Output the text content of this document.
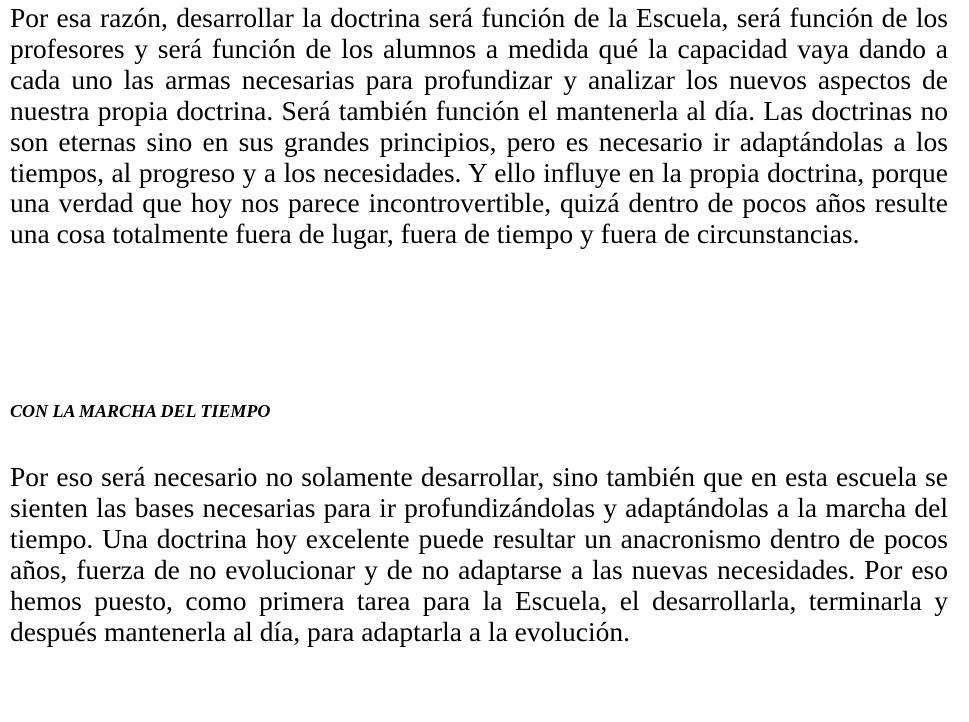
Por esa razón, desarrollar la doctrina será función de la Escuela, será función de los profesores y será función de los alumnos a medida qué la capacidad vaya dando a cada uno las armas necesarias para profundizar y analizar los nuevos aspectos de nuestra propia doctrina. Será también función el mantenerla al día. Las doctrinas no son eternas sino en sus grandes principios, pero es necesario ir adaptándolas a los tiempos, al progreso y a los necesidades. Y ello influye en la propia doctrina, porque una verdad que hoy nos parece incontrovertible, quizá dentro de pocos años resulte una cosa totalmente fuera de lugar, fuera de tiempo y fuera de circunstancias.

CON LA MARCHA DEL TIEMPO

Por eso será necesario no solamente desarrollar, sino también que en esta escuela se sienten las bases necesarias para ir profundizándolas y adaptándolas a la marcha del tiempo. Una doctrina hoy excelente puede resultar un anacronismo dentro de pocos años, fuerza de no evolucionar y de no adaptarse a las nuevas necesidades. Por eso hemos puesto, como primera tarea para la Escuela, el desarrollarla, terminarla y después mantenerla al día, para adaptarla a la evolución.
